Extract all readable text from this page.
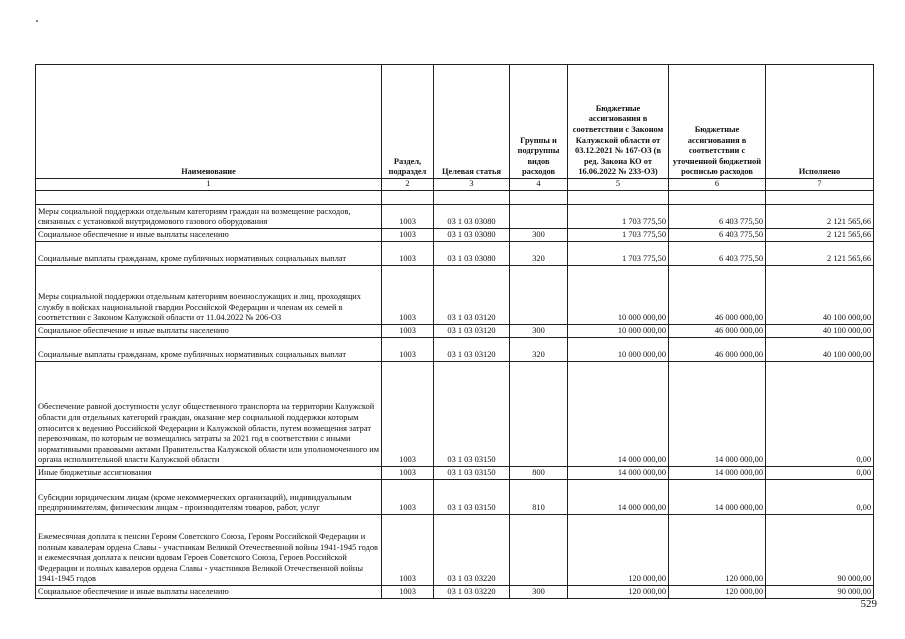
Наименование	Раздел, подраздел	Целевая статья	Группы и подгруппы видов расходов	Бюджетные ассигнования в соответствии с Законом Калужской области от 03.12.2021 № 167-ОЗ (в ред. Закона КО от 16.06.2022 № 233-ОЗ)	Бюджетные ассигнования в соответствии с уточненной бюджетной росписью расходов	Исполнено
1	2	3	4	5	6	7

Меры социальной поддержки отдельным категориям граждан на возмещение расходов, связанных с установкой внутридомового газового оборудования	1003	03 1 03 03080		1 703 775,50	6 403 775,50	2 121 565,66
Социальное обеспечение и иные выплаты населению	1003	03 1 03 03080	300	1 703 775,50	6 403 775,50	2 121 565,66
Социальные выплаты гражданам, кроме публичных нормативных социальных выплат	1003	03 1 03 03080	320	1 703 775,50	6 403 775,50	2 121 565,66
Меры социальной поддержки отдельным категориям военнослужащих и лиц, проходящих службу в войсках национальной гвардии Российской Федерации и членам их семей в соответствии с Законом Калужской области от 11.04.2022 № 206-ОЗ	1003	03 1 03 03120		10 000 000,00	46 000 000,00	40 100 000,00
Социальное обеспечение и иные выплаты населению	1003	03 1 03 03120	300	10 000 000,00	46 000 000,00	40 100 000,00
Социальные выплаты гражданам, кроме публичных нормативных социальных выплат	1003	03 1 03 03120	320	10 000 000,00	46 000 000,00	40 100 000,00
Обеспечение равной доступности услуг общественного транспорта на территории Калужской области для отдельных категорий граждан, оказание мер социальной поддержки которым относится к ведению Российской Федерации и Калужской области, путем возмещения затрат перевозчикам, по которым не возмещались затраты за 2021 год в соответствии с иными нормативными правовыми актами Правительства Калужской области или уполномоченного им органа исполнительной власти Калужской области	1003	03 1 03 03150		14 000 000,00	14 000 000,00	0,00
Иные бюджетные ассигнования	1003	03 1 03 03150	800	14 000 000,00	14 000 000,00	0,00
Субсидии юридическим лицам (кроме некоммерческих организаций), индивидуальным предпринимателям, физическим лицам - производителям товаров, работ, услуг	1003	03 1 03 03150	810	14 000 000,00	14 000 000,00	0,00
Ежемесячная доплата к пенсии Героям Советского Союза, Героям Российской Федерации и полным кавалерам ордена Славы - участникам Великой Отечественной войны 1941-1945 годов и ежемесячная доплата к пенсии вдовам Героев Советского Союза, Героев Российской Федерации и полных кавалеров ордена Славы - участников Великой Отечественной войны 1941-1945 годов	1003	03 1 03 03220		120 000,00	120 000,00	90 000,00
Социальное обеспечение и иные выплаты населению	1003	03 1 03 03220	300	120 000,00	120 000,00	90 000,00
529
